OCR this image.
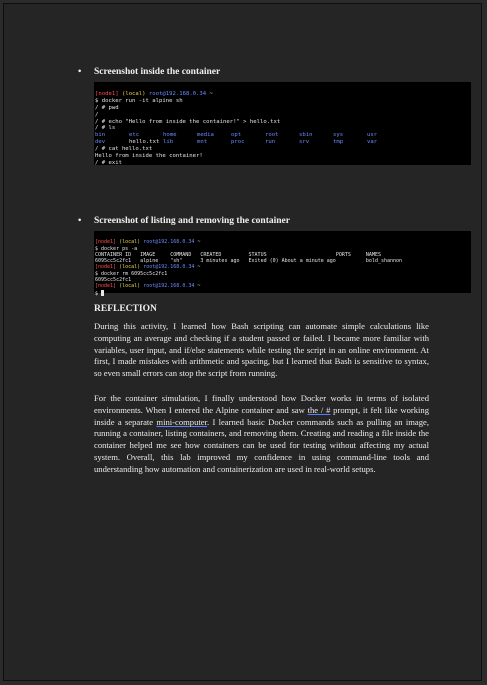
• Screenshot inside the container

[node1] (local) root@192.168.0.34 ~
$ docker run -it alpine sh
/ # pwd
/
/ # echo "Hello from inside the container!" > hello.txt
/ # ls
bin	etc	home	media	opt	root	sbin	sys	usr
dev	hello.txt lib	mnt	proc	run	srv	tmp	var
/ # cat hello.txt
Hello from inside the container!
/ # exit

• Screenshot of listing and removing the container

[node1] (local) root@192.168.0.34 ~
$ docker ps -a
CONTAINER ID   IMAGE     COMMAND   CREATED         STATUS                       PORTS     NAMES
6095cc5c2fc1   alpine    "sh"      3 minutes ago   Exited (0) About a minute ago          bold_shannon
[node1] (local) root@192.168.0.34 ~
$ docker rm 6095cc5c2fc1
6095cc5c2fc1
[node1] (local) root@192.168.0.34 ~
$

REFLECTION

During this activity, I learned how Bash scripting can automate simple calculations like computing an average and checking if a student passed or failed. I became more familiar with variables, user input, and if/else statements while testing the script in an online environment. At first, I made mistakes with arithmetic and spacing, but I learned that Bash is sensitive to syntax, so even small errors can stop the script from running.

For the container simulation, I finally understood how Docker works in terms of isolated environments. When I entered the Alpine container and saw the / # prompt, it felt like working inside a separate mini-computer. I learned basic Docker commands such as pulling an image, running a container, listing containers, and removing them. Creating and reading a file inside the container helped me see how containers can be used for testing without affecting my actual system. Overall, this lab improved my confidence in using command-line tools and understanding how automation and containerization are used in real-world setups.
